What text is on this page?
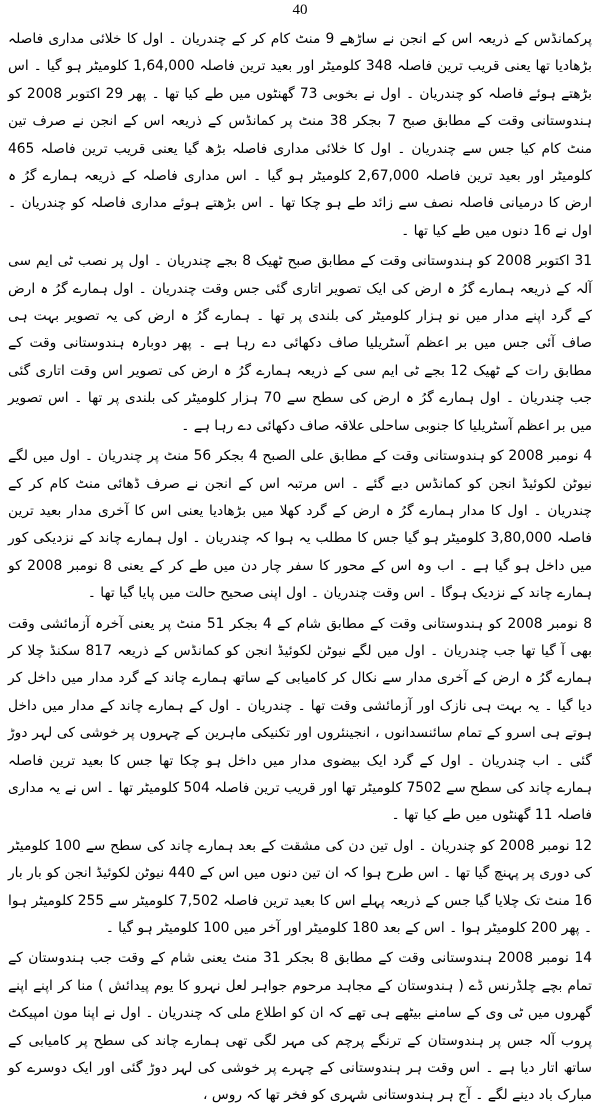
40

پرکمانڈس کے ذریعہ اس کے انجن نے ساڑھے 9 منٹ کام کر کے چندریان ۔ اول کا خلائی مداری فاصلہ بڑھادیا تھا یعنی قریب ترین فاصلہ 348 کلومیٹر اور بعید ترین فاصلہ 1,64,000 کلومیٹر ہو گیا ۔ اس بڑھتے ہوئے فاصلہ کو چندریان ۔ اول نے بخوبی 73 گھنٹوں میں طے کیا تھا ۔ پھر 29 اکتوبر 2008 کو ہندوستانی وقت کے مطابق صبح 7 بجکر 38 منٹ پر کمانڈس کے ذریعہ اس کے انجن نے صرف تین منٹ کام کیا جس سے چندریان ۔ اول کا خلائی مداری فاصلہ بڑھ گیا یعنی قریب ترین فاصلہ 465 کلومیٹر اور بعید ترین فاصلہ 2,67,000 کلومیٹر ہو گیا ۔ اس مداری فاصلہ کے ذریعہ ہمارے گرُ ہ ارض کا درمیانی فاصلہ نصف سے زائد طے ہو چکا تھا ۔ اس بڑھتے ہوئے مداری فاصلہ کو چندریان ۔ اول نے 16 دنوں میں طے کیا تھا ۔

31 اکتوبر 2008 کو ہندوستانی وقت کے مطابق صبح ٹھیک 8 بجے چندریان ۔ اول پر نصب ٹی ایم سی آلہ کے ذریعہ ہمارے گرُ ہ ارض کی ایک تصویر اتاری گئی جس وقت چندریان ۔ اول ہمارے گرُ ہ ارض کے گرد اپنے مدار میں نو ہزار کلومیٹر کی بلندی پر تھا ۔ ہمارے گرُ ہ ارض کی یہ تصویر بہت ہی صاف آئی جس میں بر اعظم آسٹریلیا صاف دکھائی دے رہا ہے ۔ پھر دوبارہ ہندوستانی وقت کے مطابق رات کے ٹھیک 12 بجے ٹی ایم سی کے ذریعہ ہمارے گرُ ہ ارض کی تصویر اس وقت اتاری گئی جب چندریان ۔ اول ہمارے گرُ ہ ارض کی سطح سے 70 ہزار کلومیٹر کی بلندی پر تھا ۔ اس تصویر میں بر اعظم آسٹریلیا کا جنوبی ساحلی علاقہ صاف دکھائی دے رہا ہے ۔

4 نومبر 2008 کو ہندوستانی وقت کے مطابق علی الصبح 4 بجکر 56 منٹ پر چندریان ۔ اول میں لگے نیوٹن لکوئیڈ انجن کو کمانڈس دیے گئے ۔ اس مرتبہ اس کے انجن نے صرف ڈھائی منٹ کام کر کے چندریان ۔ اول کا مدار ہمارے گرُ ہ ارض کے گرد کھلا میں بڑھادیا یعنی اس کا آخری مدار بعید ترین فاصلہ 3,80,000 کلومیٹر ہو گیا جس کا مطلب یہ ہوا کہ چندریان ۔ اول ہمارے چاند کے نزدیکی کور میں داخل ہو گیا ہے ۔ اب وہ اس کے محور کا سفر چار دن میں طے کر کے یعنی 8 نومبر 2008 کو ہمارے چاند کے نزدیک ہوگا ۔ اس وقت چندریان ۔ اول اپنی صحیح حالت میں پایا گیا تھا ۔

8 نومبر 2008 کو ہندوستانی وقت کے مطابق شام کے 4 بجکر 51 منٹ پر یعنی آخرہ آزمائشی وقت بھی آ گیا تھا جب چندریان ۔ اول میں لگے نیوٹن لکوئیڈ انجن کو کمانڈس کے ذریعہ 817 سکنڈ چلا کر ہمارے گرُ ہ ارض کے آخری مدار سے نکال کر کامیابی کے ساتھ ہمارے چاند کے گرد مدار میں داخل کر دیا گیا ۔ یہ بہت ہی نازک اور آزمائشی وقت تھا ۔ چندریان ۔ اول کے ہمارے چاند کے مدار میں داخل ہوتے ہی اسرو کے تمام سائنسدانوں ، انجینئروں اور تکنیکی ماہرین کے چہروں پر خوشی کی لہر دوڑ گئی ۔ اب چندریان ۔ اول کے گرد ایک بیضوی مدار میں داخل ہو چکا تھا جس کا بعید ترین فاصلہ ہمارے چاند کی سطح سے 7502 کلومیٹر تھا اور قریب ترین فاصلہ 504 کلومیٹر تھا ۔ اس نے یہ مداری فاصلہ 11 گھنٹوں میں طے کیا تھا ۔

12 نومبر 2008 کو چندریان ۔ اول تین دن کی مشقت کے بعد ہمارے چاند کی سطح سے 100 کلومیٹر کی دوری پر پہنچ گیا تھا ۔ اس طرح ہوا کہ ان تین دنوں میں اس کے 440 نیوٹن لکوئیڈ انجن کو بار بار 16 منٹ تک چلایا گیا جس کے ذریعہ پہلے اس کا بعید ترین فاصلہ 7,502 کلومیٹر سے 255 کلومیٹر ہوا ۔ پھر 200 کلومیٹر ہوا ۔ اس کے بعد 180 کلومیٹر اور آخر میں 100 کلومیٹر ہو گیا ۔

14 نومبر 2008 ہندوستانی وقت کے مطابق 8 بجکر 31 منٹ یعنی شام کے وقت جب ہندوستان کے تمام بچے چلڈرنس ڈے ( ہندوستان کے مجاہد مرحوم جواہر لعل نہرو کا یوم پیدائش ) منا کر اپنے اپنے گھروں میں ٹی وی کے سامنے بیٹھے ہی تھے کہ ان کو اطلاع ملی کہ چندریان ۔ اول نے اپنا مون امپیکٹ پروب آلہ جس پر ہندوستان کے ترنگے پرچم کی مہر لگی تھی ہمارے چاند کی سطح پر کامیابی کے ساتھ اتار دیا ہے ۔ اس وقت ہر ہندوستانی کے چہرے پر خوشی کی لہر دوڑ گئی اور ایک دوسرے کو مبارک باد دینے لگے ۔ آج ہر ہندوستانی شہری کو فخر تھا کہ روس ،
